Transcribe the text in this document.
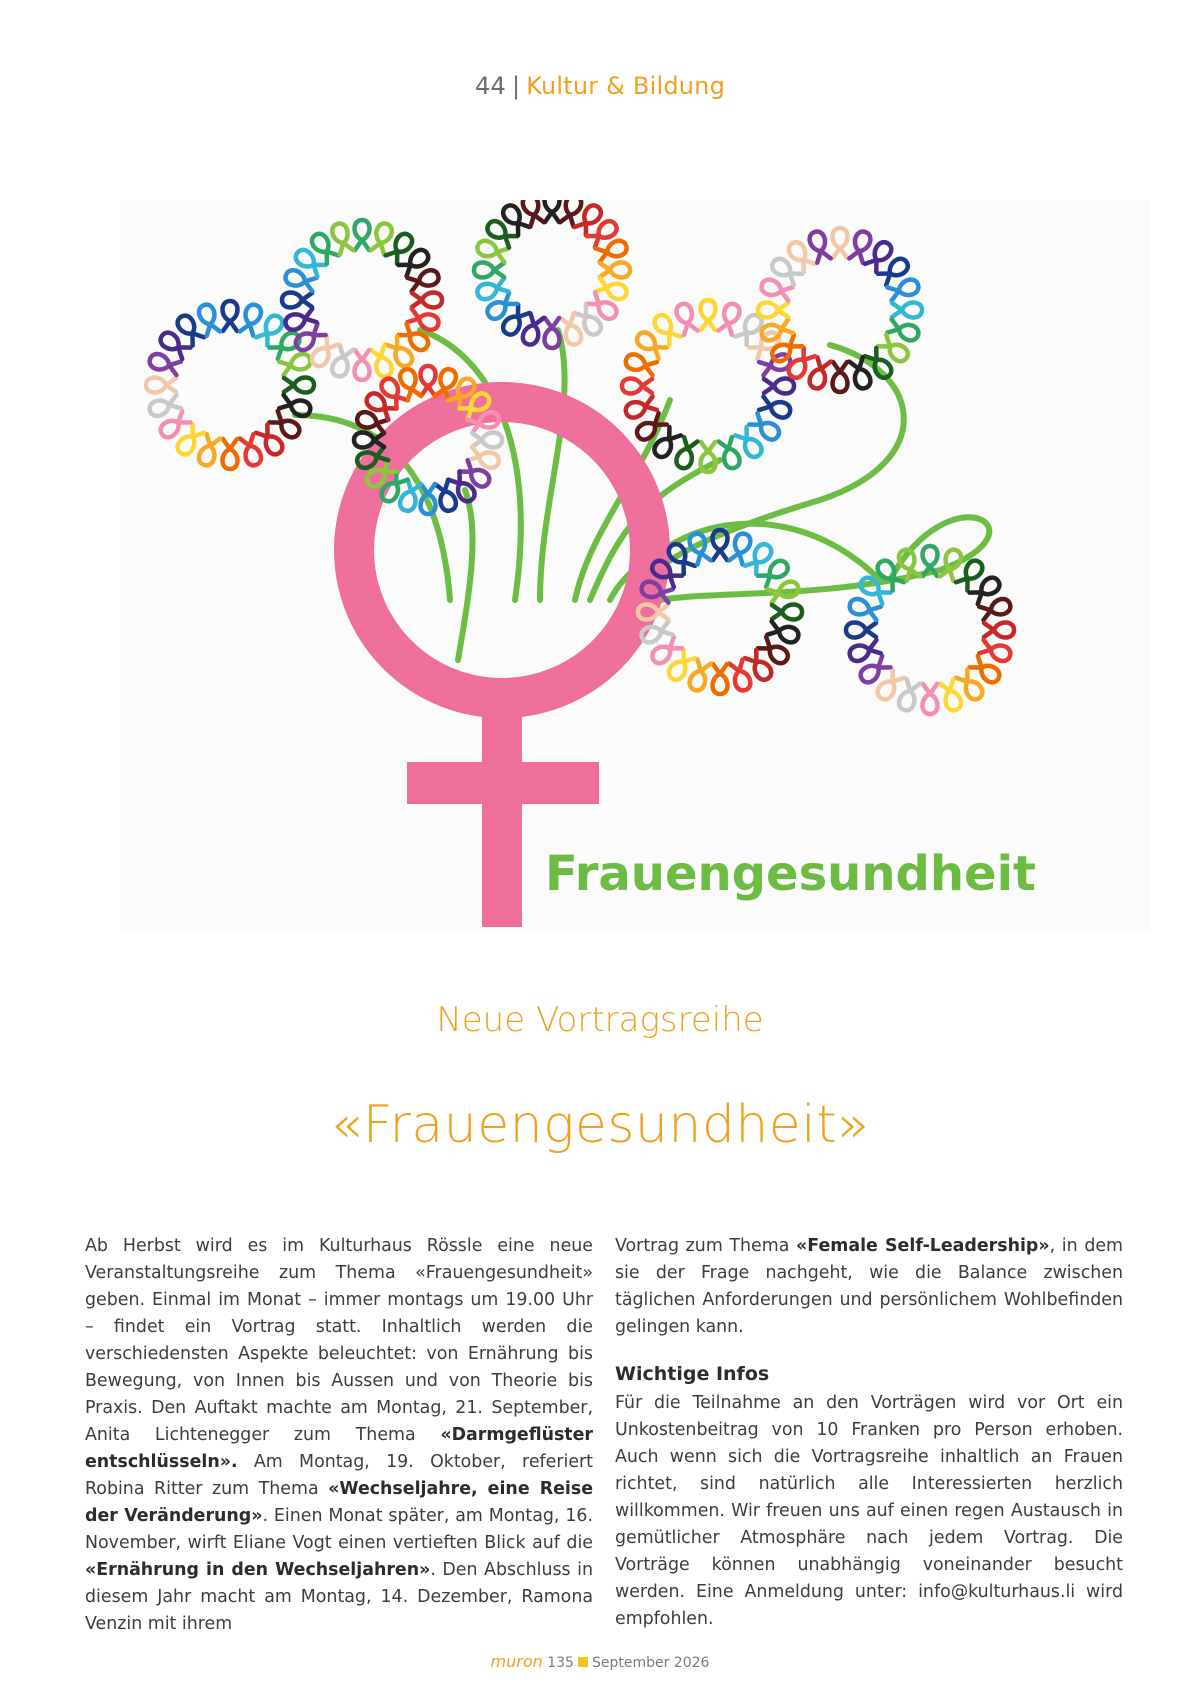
44 | Kultur & Bildung
Frauengesundheit
Neue Vortragsreihe
«Frauengesundheit»

Ab Herbst wird es im Kulturhaus Rössle eine neue Veranstaltungsreihe zum Thema «Frauengesundheit» geben. Einmal im Monat – immer montags um 19.00 Uhr – findet ein Vortrag statt. Inhaltlich werden die verschiedensten Aspekte beleuchtet: von Ernährung bis Bewegung, von Innen bis Aussen und von Theorie bis Praxis. Den Auftakt machte am Montag, 21. September, Anita Lichtenegger zum Thema «Darmgeflüster entschlüsseln». Am Montag, 19. Oktober, referiert Robina Ritter zum Thema «Wechseljahre, eine Reise der Veränderung». Einen Monat später, am Montag, 16. November, wirft Eliane Vogt einen vertieften Blick auf die «Ernährung in den Wechseljahren». Den Abschluss in diesem Jahr macht am Montag, 14. Dezember, Ramona Venzin mit ihrem

Vortrag zum Thema «Female Self-Leadership», in dem sie der Frage nachgeht, wie die Balance zwischen täglichen Anforderungen und persönlichem Wohlbefinden gelingen kann.

Wichtige Infos

Für die Teilnahme an den Vorträgen wird vor Ort ein Unkostenbeitrag von 10 Franken pro Person erhoben. Auch wenn sich die Vortragsreihe inhaltlich an Frauen richtet, sind natürlich alle Interessierten herzlich willkommen. Wir freuen uns auf einen regen Austausch in gemütlicher Atmosphäre nach jedem Vortrag. Die Vorträge können unabhängig voneinander besucht werden. Eine Anmeldung unter: info@kulturhaus.li wird empfohlen.

muron 135 September 2026
